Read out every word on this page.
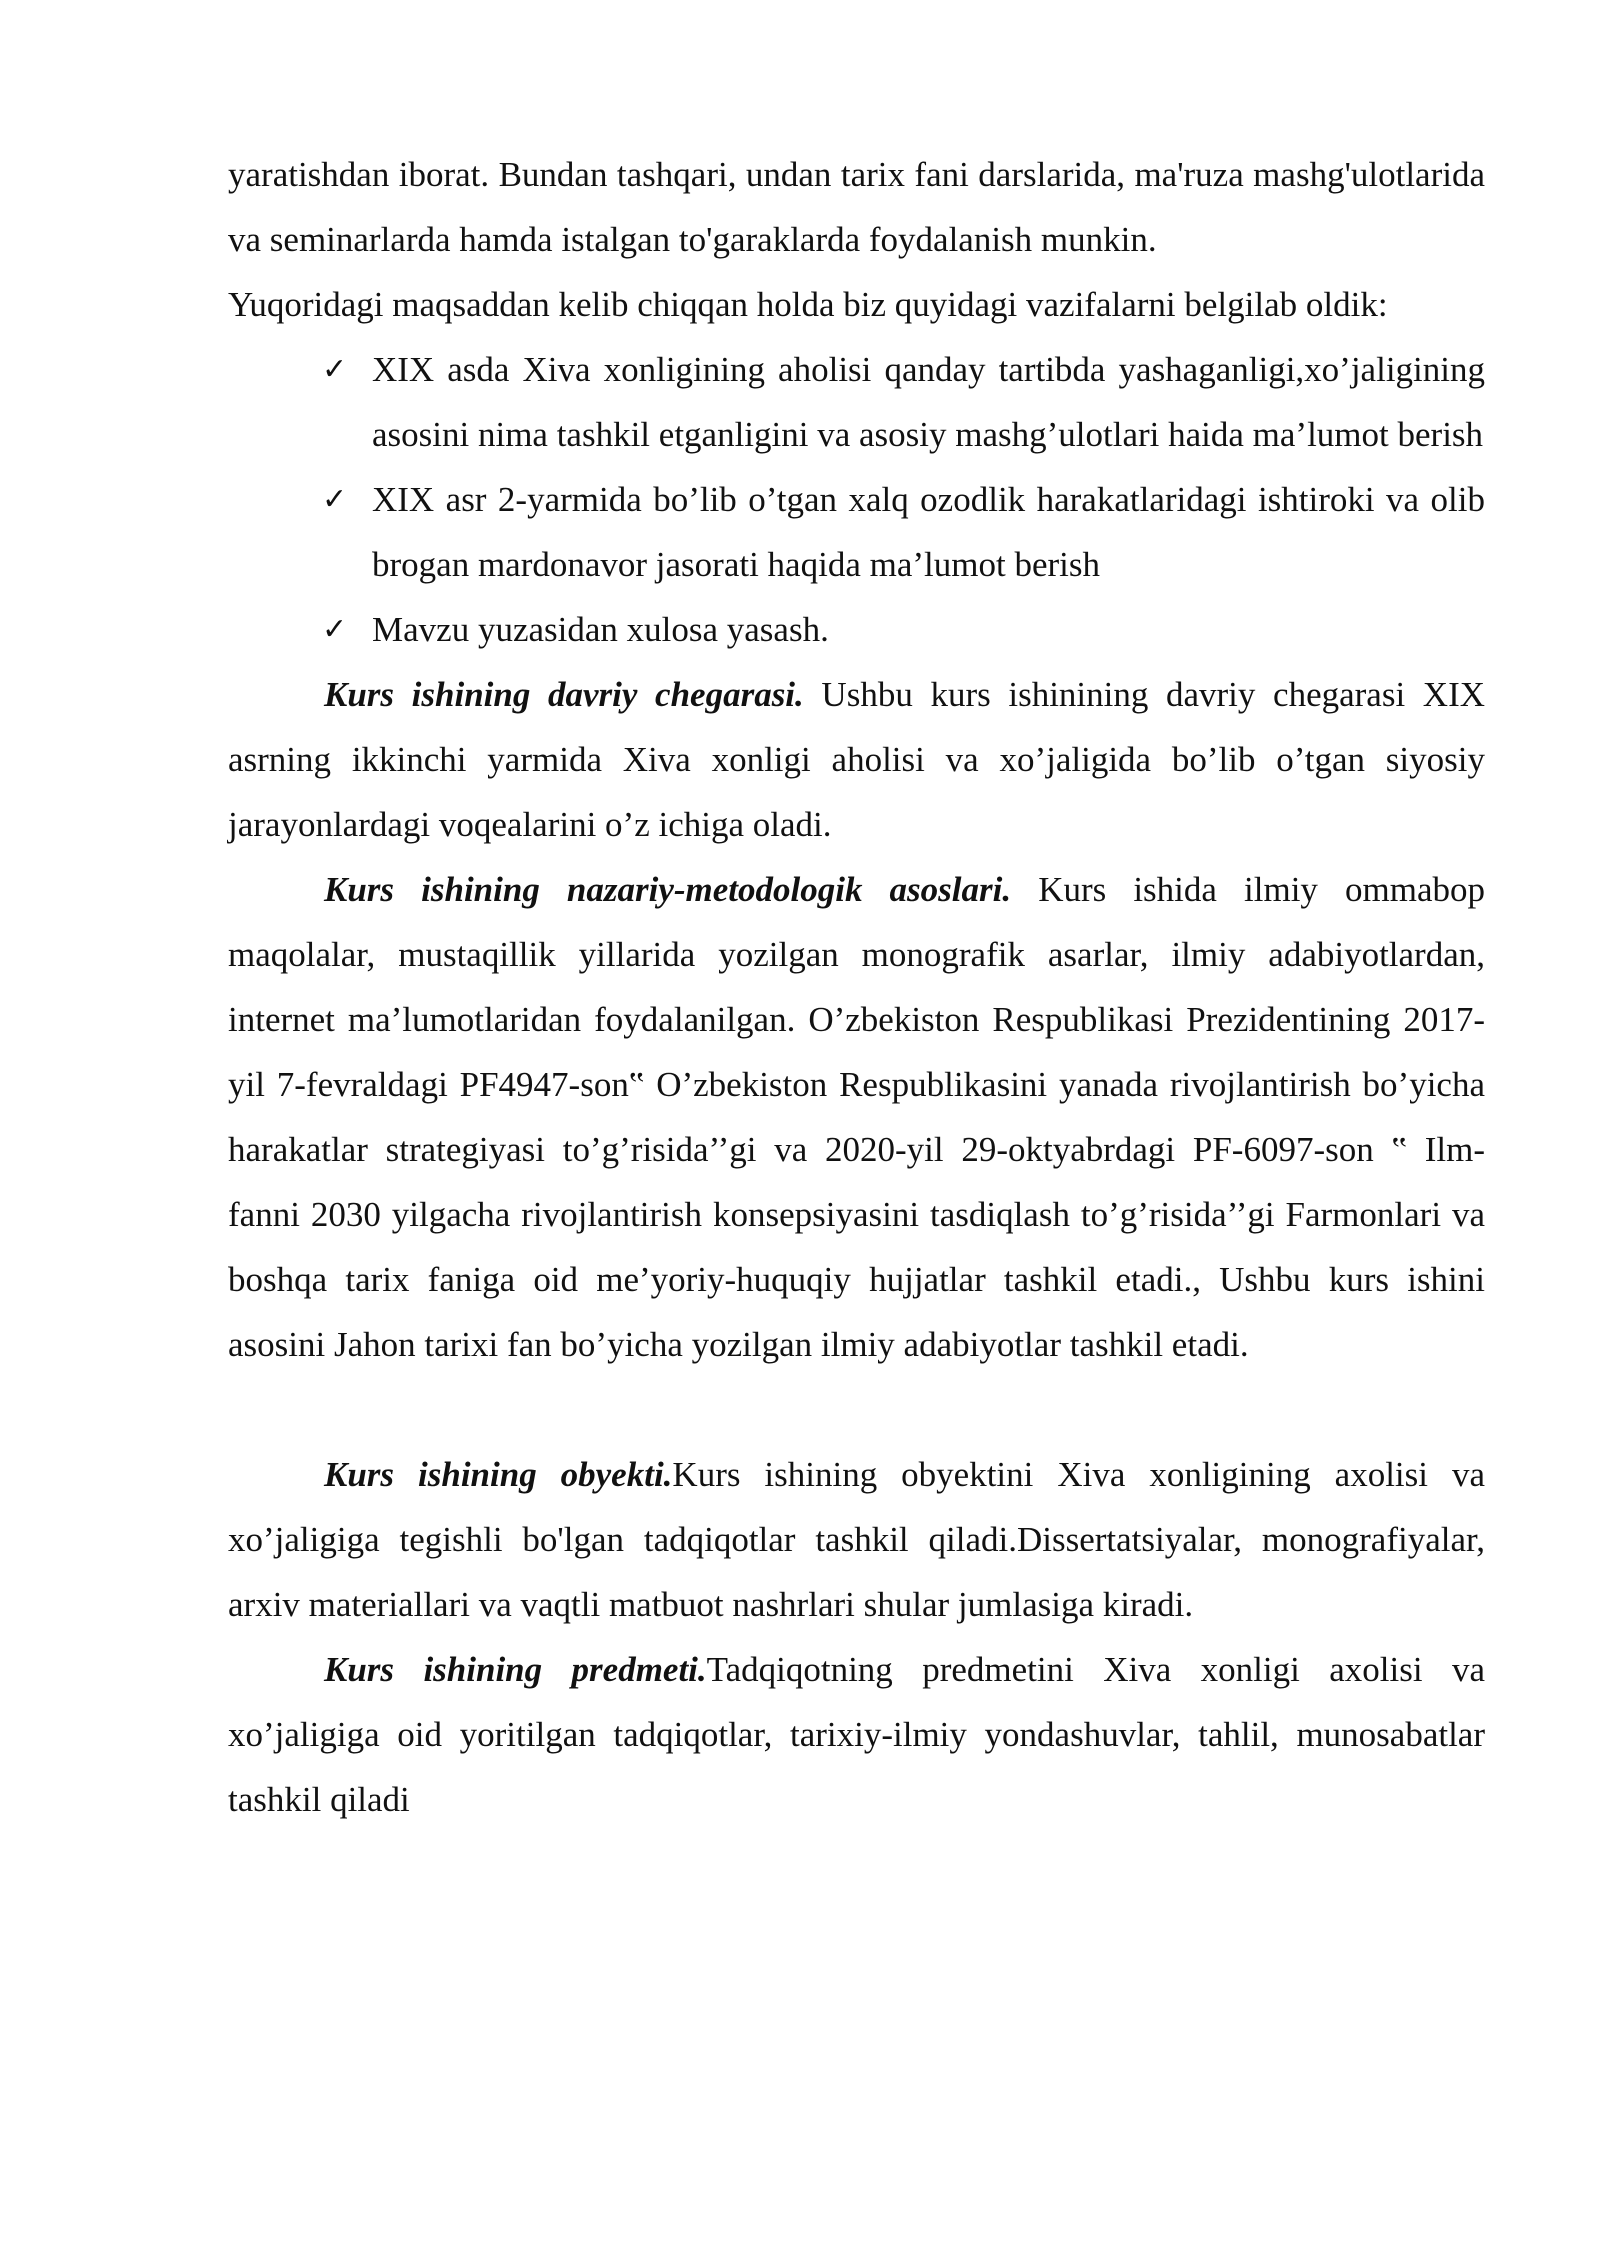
yaratishdan iborat. Bundan tashqari, undan tarix fani darslarida, ma'ruza mashg'ulotlarida va seminarlarda hamda istalgan to'garaklarda foydalanish munkin.

Yuqoridagi maqsaddan kelib chiqqan holda biz quyidagi vazifalarni belgilab oldik:

✓ XIX asda Xiva xonligining aholisi qanday tartibda yashaganligi,xo’jaligining asosini nima tashkil etganligini va asosiy mashg’ulotlari haida ma’lumot berish
✓ XIX asr 2-yarmida bo’lib o’tgan xalq ozodlik harakatlaridagi ishtiroki va olib brogan mardonavor jasorati haqida ma’lumot berish
✓ Mavzu yuzasidan xulosa yasash.

Kurs ishining davriy chegarasi. Ushbu kurs ishinining davriy chegarasi XIX asrning ikkinchi yarmida Xiva xonligi aholisi va xo’jaligida bo’lib o’tgan siyosiy jarayonlardagi voqealarini o’z ichiga oladi.

Kurs ishining nazariy-metodologik asoslari. Kurs ishida ilmiy ommabop maqolalar, mustaqillik yillarida yozilgan monografik asarlar, ilmiy adabiyotlardan, internet ma’lumotlaridan foydalanilgan. O’zbekiston Respublikasi Prezidentining 2017-yil 7-fevraldagi PF4947-son‟ O’zbekiston Respublikasini yanada rivojlantirish bo’yicha harakatlar strategiyasi to’g’risida’’gi va 2020-yil 29-oktyabrdagi PF-6097-son ‟ Ilm-fanni 2030 yilgacha rivojlantirish konsepsiyasini tasdiqlash to’g’risida’’gi Farmonlari va boshqa tarix faniga oid me’yoriy-huquqiy hujjatlar tashkil etadi., Ushbu kurs ishini asosini Jahon tarixi fan bo’yicha yozilgan ilmiy adabiyotlar tashkil etadi.

Kurs ishining obyekti.Kurs ishining obyektini Xiva xonligining axolisi va xo’jaligiga tegishli bo'lgan tadqiqotlar tashkil qiladi.Dissertatsiyalar, monografiyalar, arxiv materiallari va vaqtli matbuot nashrlari shular jumlasiga kiradi.

Kurs ishining predmeti.Tadqiqotning predmetini Xiva xonligi axolisi va xo’jaligiga oid yoritilgan tadqiqotlar, tarixiy-ilmiy yondashuvlar, tahlil, munosabatlar tashkil qiladi
